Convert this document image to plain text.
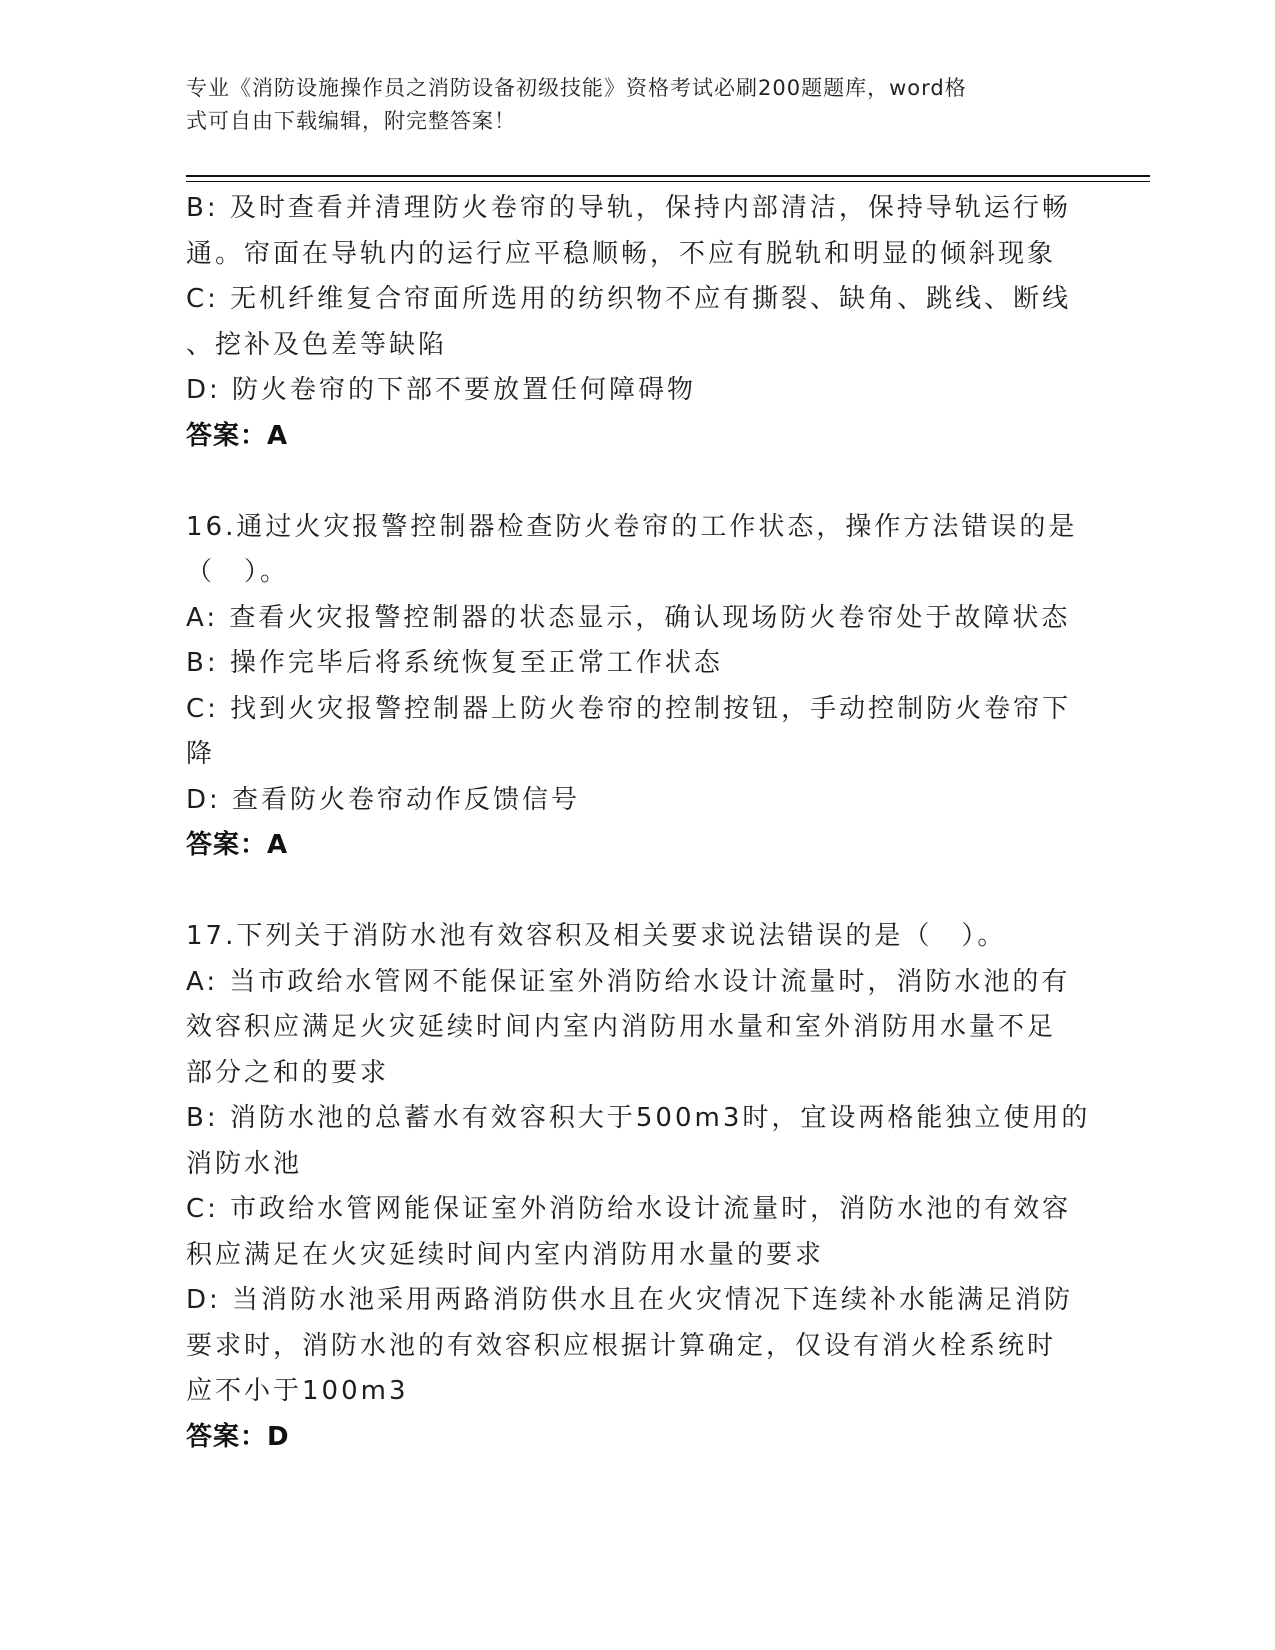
专业《消防设施操作员之消防设备初级技能》资格考试必刷200题题库，word格
式可自由下载编辑，附完整答案！
B: 及时查看并清理防火卷帘的导轨，保持内部清洁，保持导轨运行畅
通。帘面在导轨内的运行应平稳顺畅，不应有脱轨和明显的倾斜现象
C: 无机纤维复合帘面所选用的纺织物不应有撕裂、缺角、跳线、断线
、挖补及色差等缺陷
D: 防火卷帘的下部不要放置任何障碍物
答案：A
16.通过火灾报警控制器检查防火卷帘的工作状态，操作方法错误的是
（　）。
A: 查看火灾报警控制器的状态显示，确认现场防火卷帘处于故障状态
B: 操作完毕后将系统恢复至正常工作状态
C: 找到火灾报警控制器上防火卷帘的控制按钮，手动控制防火卷帘下
降
D: 查看防火卷帘动作反馈信号
答案：A
17.下列关于消防水池有效容积及相关要求说法错误的是（　）。
A: 当市政给水管网不能保证室外消防给水设计流量时，消防水池的有
效容积应满足火灾延续时间内室内消防用水量和室外消防用水量不足
部分之和的要求
B: 消防水池的总蓄水有效容积大于500m3时，宜设两格能独立使用的
消防水池
C: 市政给水管网能保证室外消防给水设计流量时，消防水池的有效容
积应满足在火灾延续时间内室内消防用水量的要求
D: 当消防水池采用两路消防供水且在火灾情况下连续补水能满足消防
要求时，消防水池的有效容积应根据计算确定，仅设有消火栓系统时
应不小于100m3
答案：D
